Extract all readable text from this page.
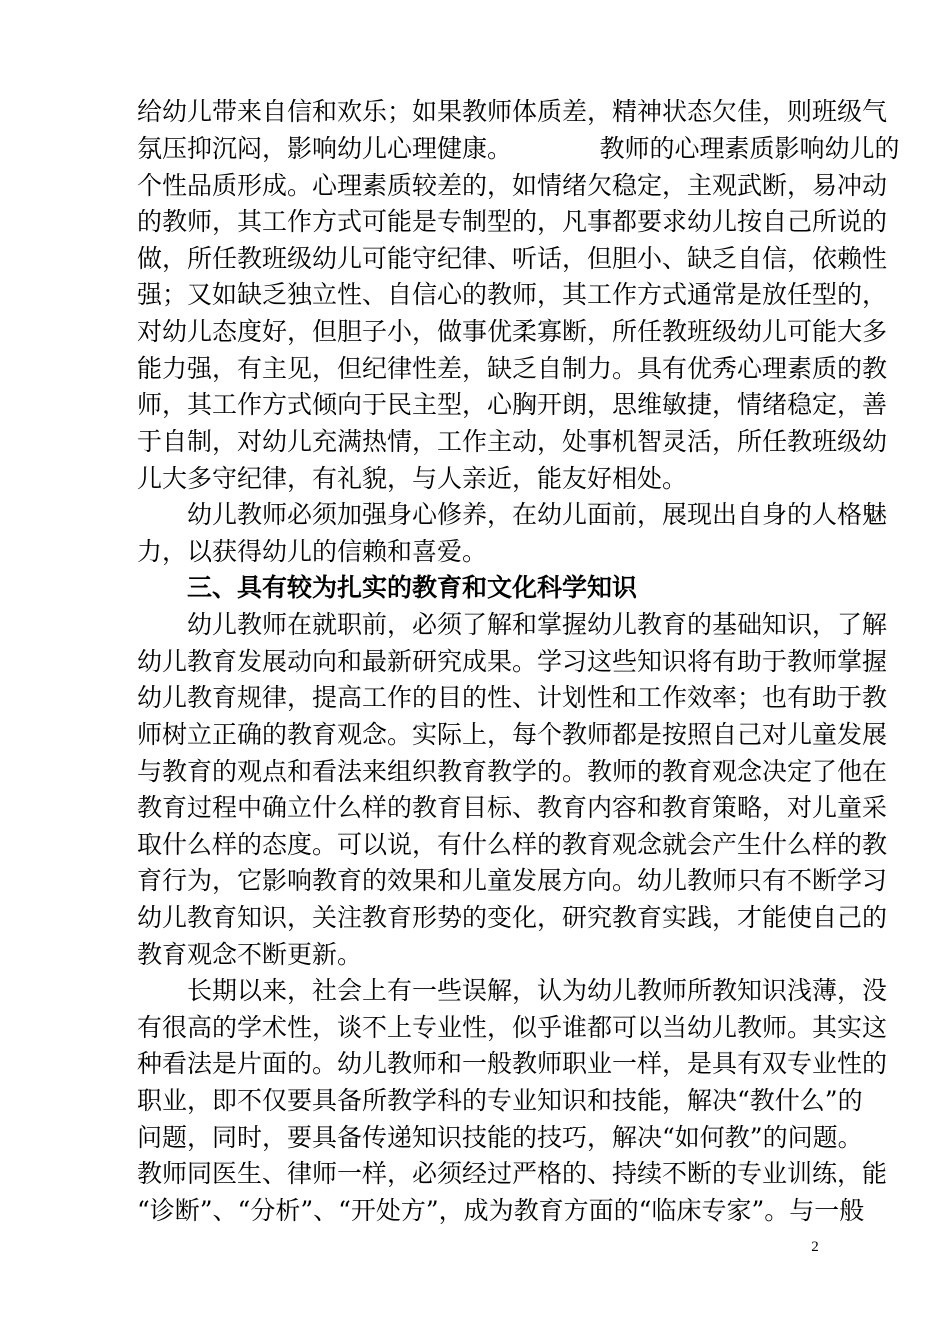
给幼儿带来自信和欢乐；如果教师体质差，精神状态欠佳，则班级气
氛压抑沉闷，影响幼儿心理健康。　　　　教师的心理素质影响幼儿的
个性品质形成。心理素质较差的，如情绪欠稳定，主观武断，易冲动
的教师，其工作方式可能是专制型的，凡事都要求幼儿按自己所说的
做，所任教班级幼儿可能守纪律、听话，但胆小、缺乏自信，依赖性
强；又如缺乏独立性、自信心的教师，其工作方式通常是放任型的，
对幼儿态度好，但胆子小，做事优柔寡断，所任教班级幼儿可能大多
能力强，有主见，但纪律性差，缺乏自制力。具有优秀心理素质的教
师，其工作方式倾向于民主型，心胸开朗，思维敏捷，情绪稳定，善
于自制，对幼儿充满热情，工作主动，处事机智灵活，所任教班级幼
儿大多守纪律，有礼貌，与人亲近，能友好相处。
　　幼儿教师必须加强身心修养，在幼儿面前，展现出自身的人格魅
力，以获得幼儿的信赖和喜爱。
　　三、具有较为扎实的教育和文化科学知识
　　幼儿教师在就职前，必须了解和掌握幼儿教育的基础知识，了解
幼儿教育发展动向和最新研究成果。学习这些知识将有助于教师掌握
幼儿教育规律，提高工作的目的性、计划性和工作效率；也有助于教
师树立正确的教育观念。实际上，每个教师都是按照自己对儿童发展
与教育的观点和看法来组织教育教学的。教师的教育观念决定了他在
教育过程中确立什么样的教育目标、教育内容和教育策略，对儿童采
取什么样的态度。可以说，有什么样的教育观念就会产生什么样的教
育行为，它影响教育的效果和儿童发展方向。幼儿教师只有不断学习
幼儿教育知识，关注教育形势的变化，研究教育实践，才能使自己的
教育观念不断更新。
　　长期以来，社会上有一些误解，认为幼儿教师所教知识浅薄，没
有很高的学术性，谈不上专业性，似乎谁都可以当幼儿教师。其实这
种看法是片面的。幼儿教师和一般教师职业一样，是具有双专业性的
职业，即不仅要具备所教学科的专业知识和技能，解决“教什么”的
问题，同时，要具备传递知识技能的技巧，解决“如何教”的问题。
教师同医生、律师一样，必须经过严格的、持续不断的专业训练，能
“诊断”、“分析”、“开处方”，成为教育方面的“临床专家”。与一般
2
